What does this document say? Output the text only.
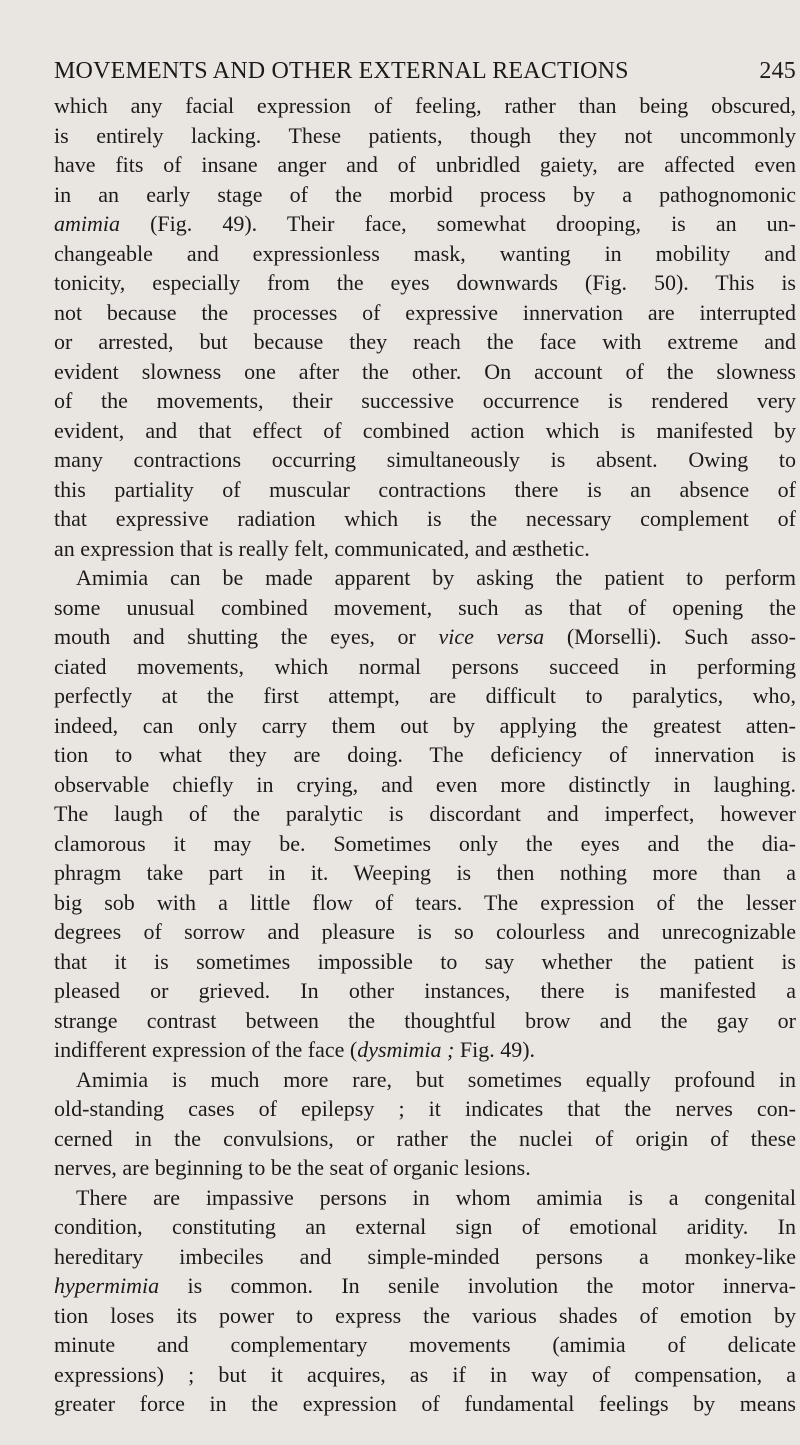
MOVEMENTS AND OTHER EXTERNAL REACTIONS	245
which any facial expression of feeling, rather than being obscured,
is entirely lacking. These patients, though they not uncommonly
have fits of insane anger and of unbridled gaiety, are affected even
in an early stage of the morbid process by a pathognomonic
amimia (Fig. 49). Their face, somewhat drooping, is an un-
changeable and expressionless mask, wanting in mobility and
tonicity, especially from the eyes downwards (Fig. 50). This is
not because the processes of expressive innervation are interrupted
or arrested, but because they reach the face with extreme and
evident slowness one after the other. On account of the slowness
of the movements, their successive occurrence is rendered very
evident, and that effect of combined action which is manifested by
many contractions occurring simultaneously is absent. Owing to
this partiality of muscular contractions there is an absence of
that expressive radiation which is the necessary complement of
an expression that is really felt, communicated, and æsthetic.
Amimia can be made apparent by asking the patient to perform
some unusual combined movement, such as that of opening the
mouth and shutting the eyes, or vice versa (Morselli). Such asso-
ciated movements, which normal persons succeed in performing
perfectly at the first attempt, are difficult to paralytics, who,
indeed, can only carry them out by applying the greatest atten-
tion to what they are doing. The deficiency of innervation is
observable chiefly in crying, and even more distinctly in laughing.
The laugh of the paralytic is discordant and imperfect, however
clamorous it may be. Sometimes only the eyes and the dia-
phragm take part in it. Weeping is then nothing more than a
big sob with a little flow of tears. The expression of the lesser
degrees of sorrow and pleasure is so colourless and unrecognizable
that it is sometimes impossible to say whether the patient is
pleased or grieved. In other instances, there is manifested a
strange contrast between the thoughtful brow and the gay or
indifferent expression of the face (dysmimia ; Fig. 49).
Amimia is much more rare, but sometimes equally profound in
old-standing cases of epilepsy ; it indicates that the nerves con-
cerned in the convulsions, or rather the nuclei of origin of these
nerves, are beginning to be the seat of organic lesions.
There are impassive persons in whom amimia is a congenital
condition, constituting an external sign of emotional aridity. In
hereditary imbeciles and simple-minded persons a monkey-like
hypermimia is common. In senile involution the motor innerva-
tion loses its power to express the various shades of emotion by
minute and complementary movements (amimia of delicate
expressions) ; but it acquires, as if in way of compensation, a
greater force in the expression of fundamental feelings by means
